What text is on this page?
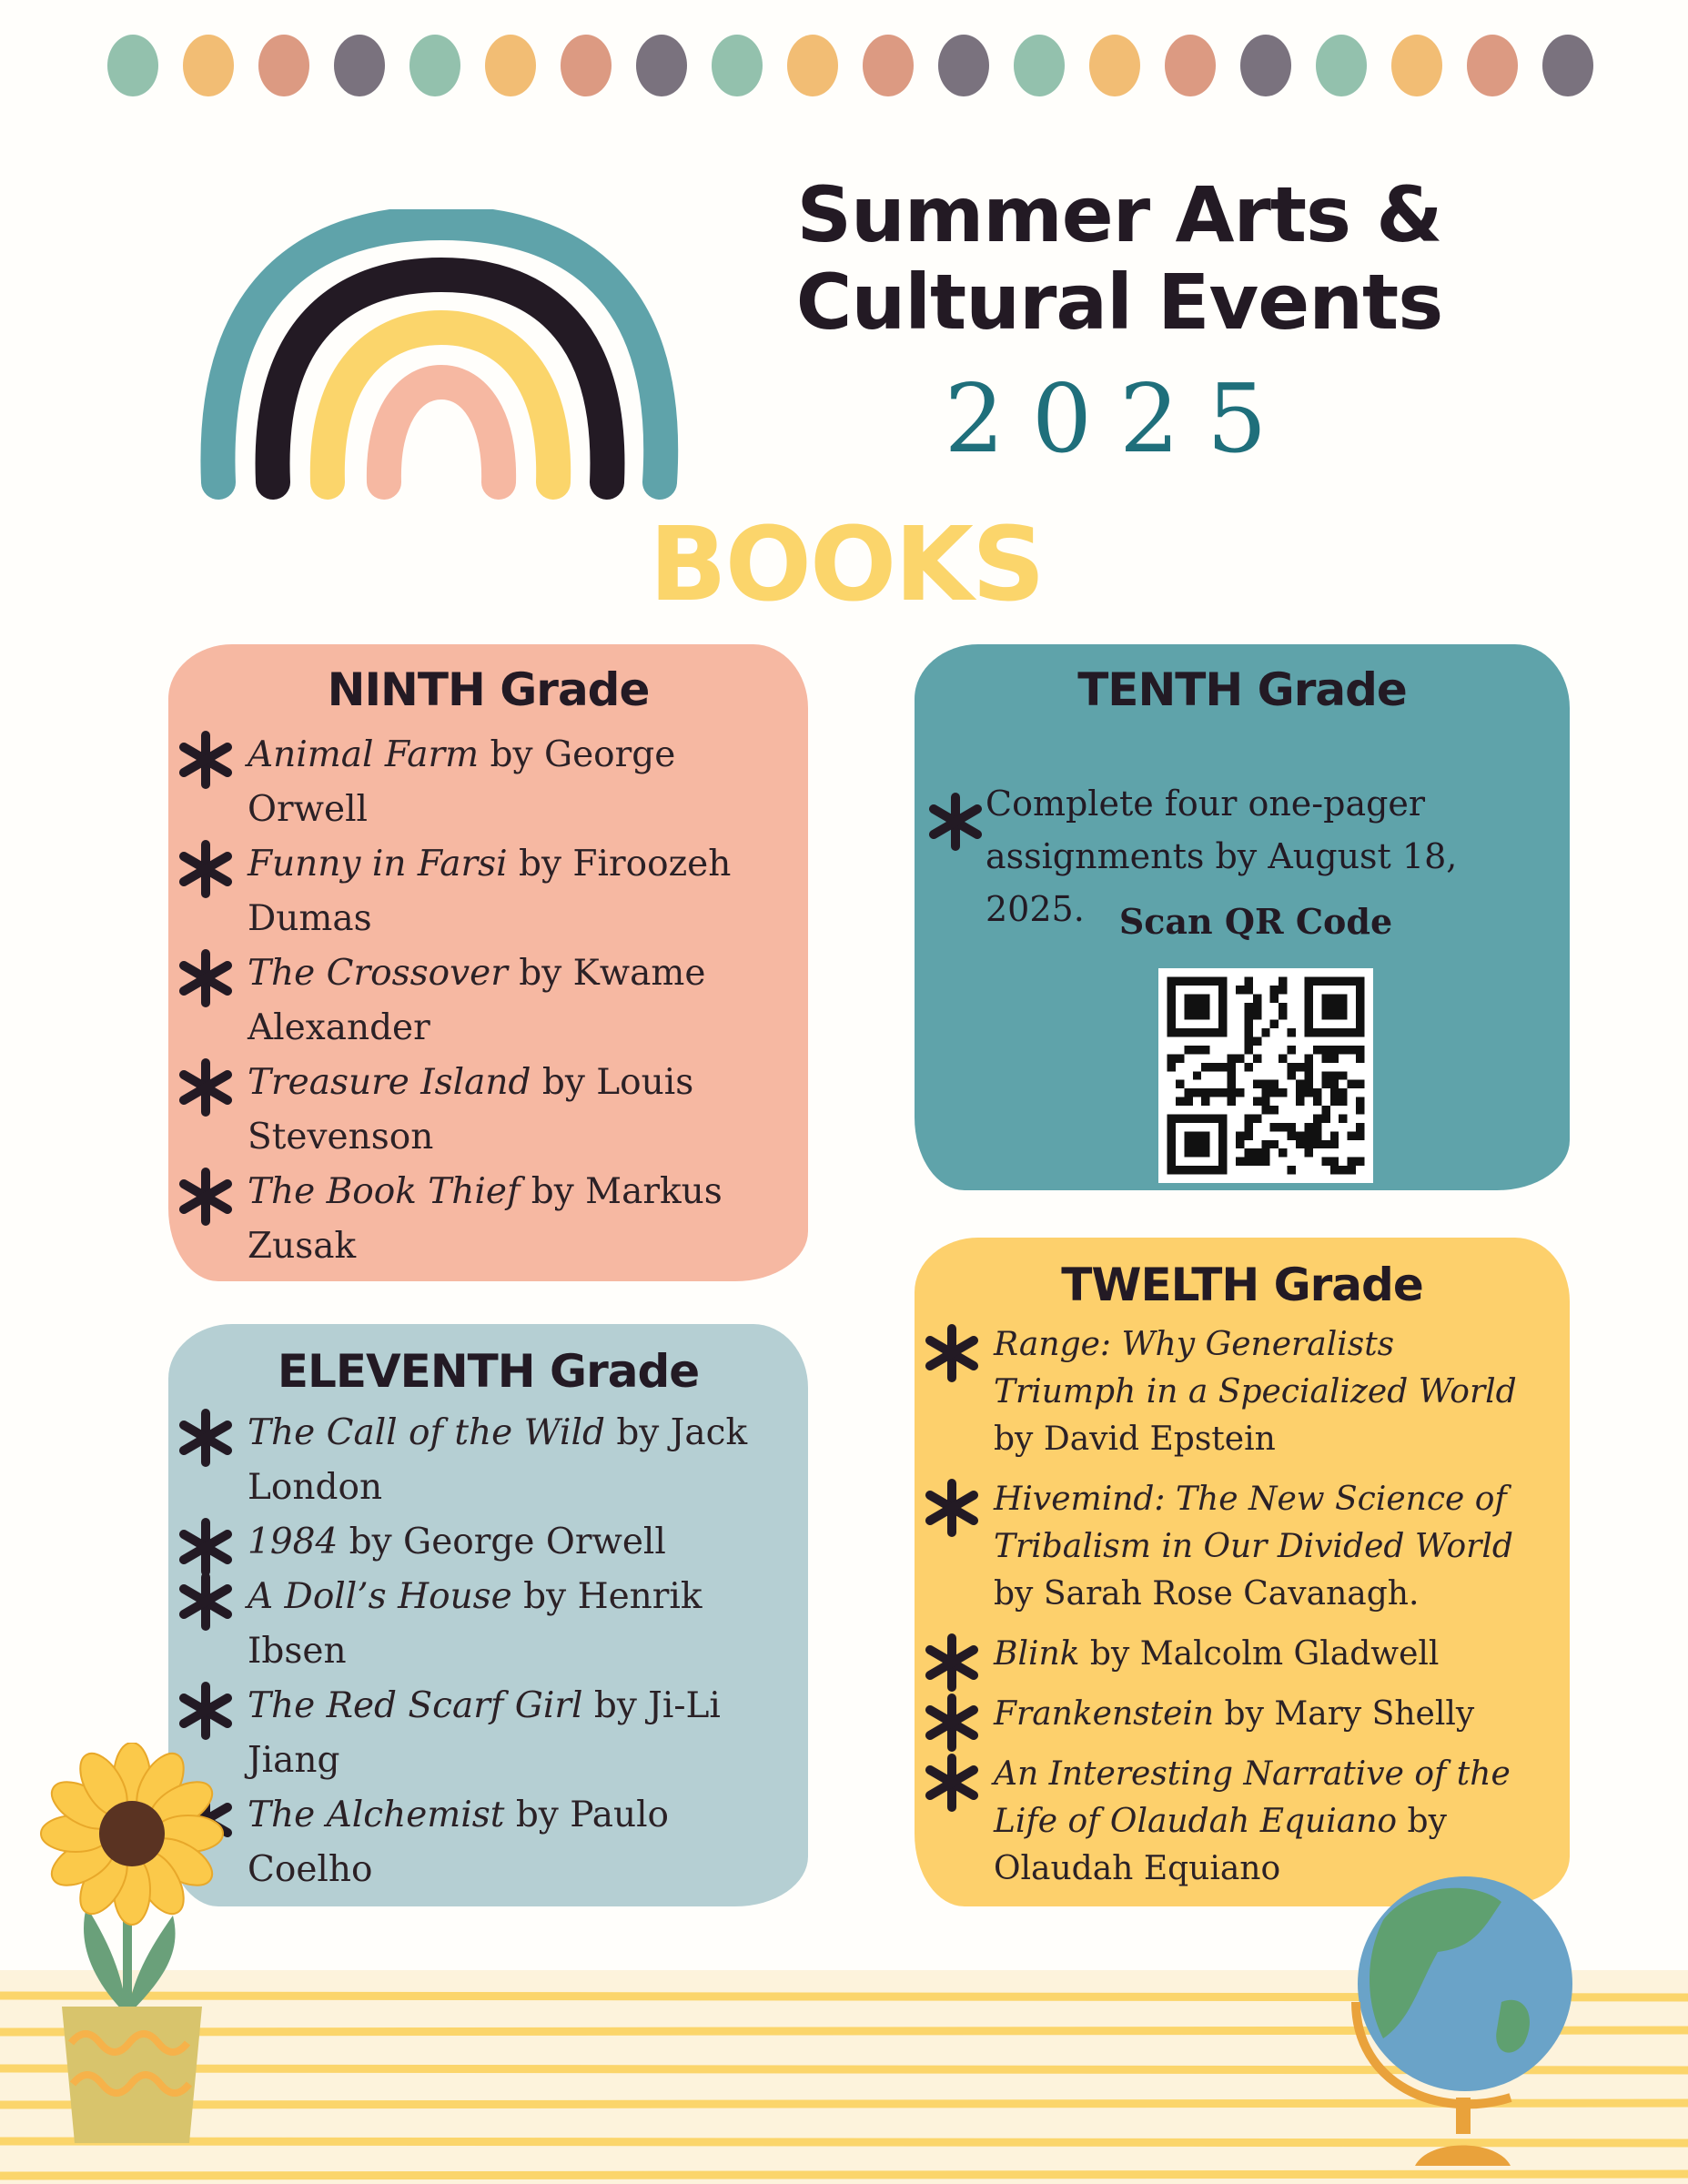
Summer Arts &
Cultural Events
2025
BOOKS
NINTH Grade
Animal Farm by George Orwell
Funny in Farsi by Firoozeh Dumas
The Crossover by Kwame Alexander
Treasure Island by Louis Stevenson
The Book Thief by Markus Zusak
TENTH Grade
Complete four one-pager assignments by August 18, 2025.	Scan QR Code
ELEVENTH Grade
The Call of the Wild by Jack London
1984 by George Orwell
A Doll’s House by Henrik Ibsen
The Red Scarf Girl by Ji-Li Jiang
The Alchemist by Paulo Coelho
TWELTH Grade
Range: Why Generalists Triumph in a Specialized World by David Epstein
Hivemind: The New Science of Tribalism in Our Divided World by Sarah Rose Cavanagh.
Blink by Malcolm Gladwell
Frankenstein by Mary Shelly
An Interesting Narrative of the Life of Olaudah Equiano by Olaudah Equiano
